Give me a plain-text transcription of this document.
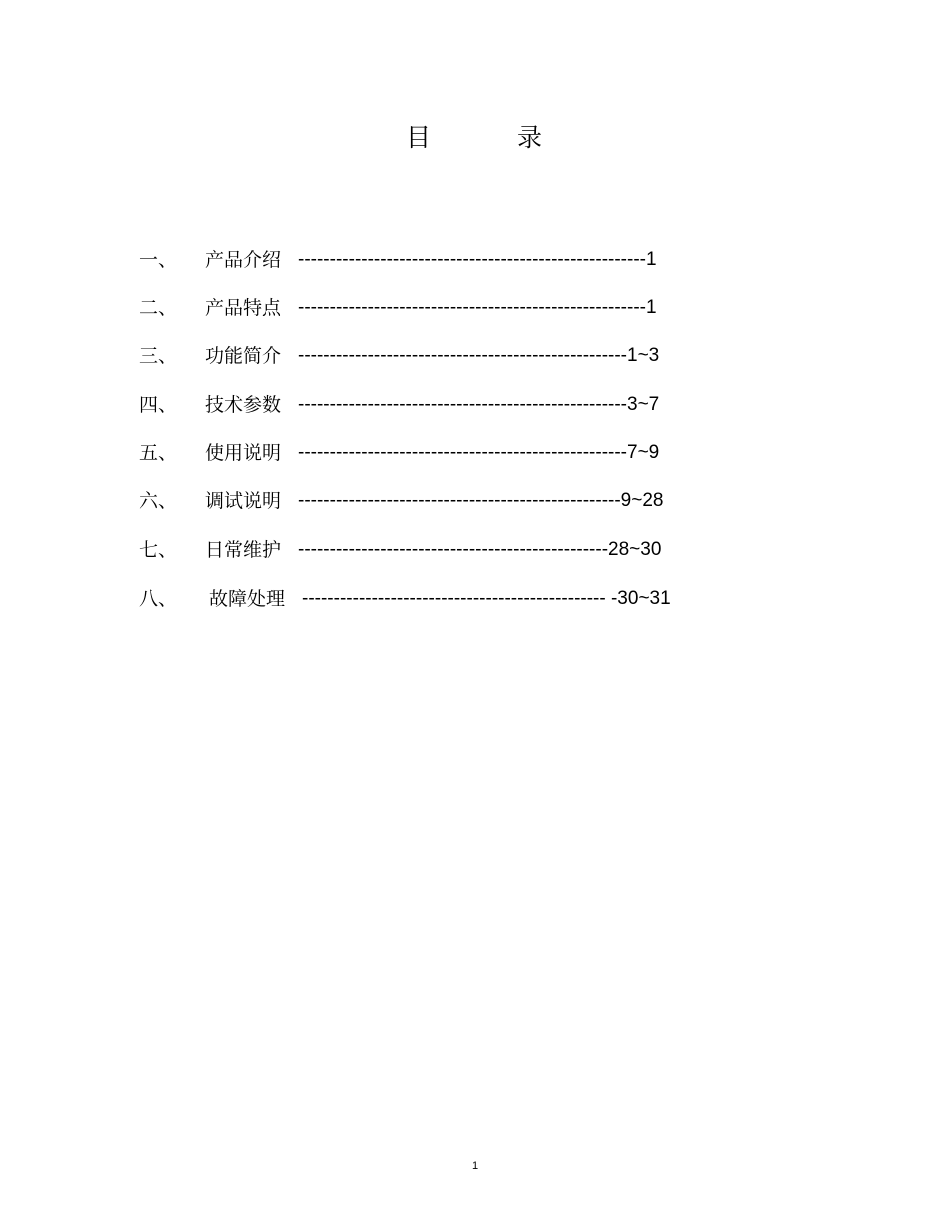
目	录
一、 产品介绍 -------------------------------------------------------1
二、 产品特点 -------------------------------------------------------1
三、 功能简介 ----------------------------------------------------1~3
四、 技术参数 ----------------------------------------------------3~7
五、 使用说明 ----------------------------------------------------7~9
六、 调试说明 ---------------------------------------------------9~28
七、 日常维护 -------------------------------------------------28~30
八、 故障处理 ------------------------------------------------ -30~31
1
